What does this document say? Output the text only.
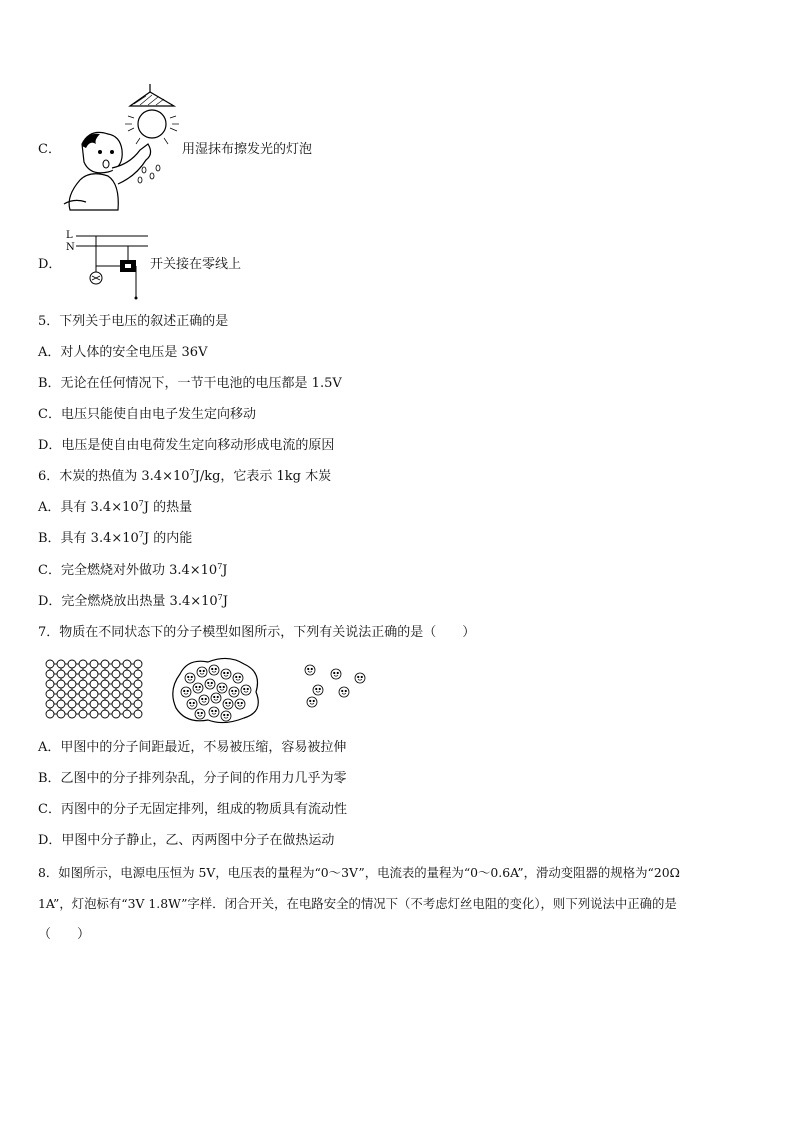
C．	用湿抹布擦发光的灯泡
D．
L
N
开关接在零线上
5．下列关于电压的叙述正确的是
A．对人体的安全电压是 36V
B．无论在任何情况下，一节干电池的电压都是 1.5V
C．电压只能使自由电子发生定向移动
D．电压是使自由电荷发生定向移动形成电流的原因
6．木炭的热值为 $3.4\times 10^7J/kg$，它表示 1kg 木炭
A．具有 $3.4\times 10^7J$ 的热量
B．具有 $3.4\times 10^7J$ 的内能
C．完全燃烧对外做功 $3.4\times 10^7J$
D．完全燃烧放出热量 $3.4\times 10^7J$
7．物质在不同状态下的分子模型如图所示，下列有关说法正确的是（　　）
A．甲图中的分子间距最近，不易被压缩，容易被拉伸
B．乙图中的分子排列杂乱，分子间的作用力几乎为零
C．丙图中的分子无固定排列，组成的物质具有流动性
D．甲图中分子静止，乙、丙两图中分子在做热运动
8．如图所示，电源电压恒为 5V，电压表的量程为“0～3V”，电流表的量程为“0～0.6A”，滑动变阻器的规格为“20Ω
1A”，灯泡标有“3V 1.8W”字样．闭合开关，在电路安全的情况下（不考虑灯丝电阻的变化），则下列说法中正确的是
（　　）
